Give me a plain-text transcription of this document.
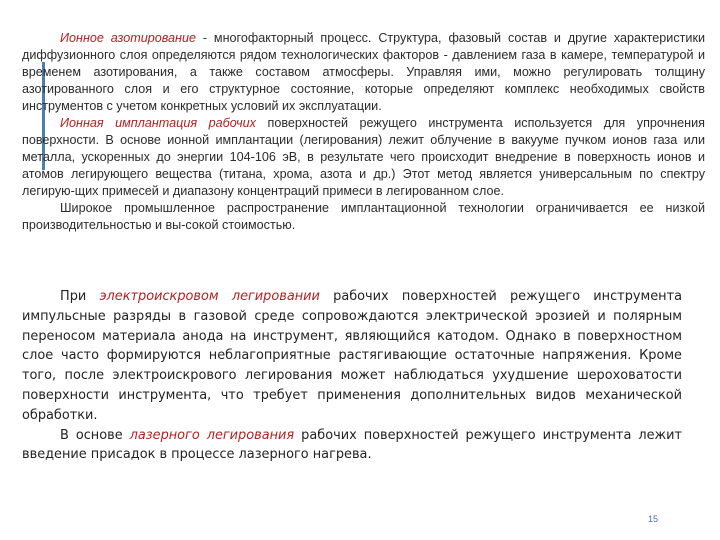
Ионное азотирование - многофакторный процесс. Структура, фазовый состав и другие характеристики диффузионного слоя определяются рядом технологических факторов - давлением газа в камере, температурой и временем азотирования, а также составом атмосферы. Управляя ими, можно регулировать толщину азотированного слоя и его структурное состояние, которые определяют комплекс необходимых свойств инструментов с учетом конкретных условий их эксплуатации.

Ионная имплантация рабочих поверхностей режущего инструмента используется для упрочнения поверхности. В основе ионной имплантации (легирования) лежит облучение в вакууме пучком ионов газа или металла, ускоренных до энергии 104-106 эВ, в результате чего происходит внедрение в поверхность ионов и атомов легирующего вещества (титана, хрома, азота и др.) Этот метод является универсальным по спектру легирую-щих примесей и диапазону концентраций примеси в легированном слое.

Широкое промышленное распространение имплантационной технологии ограничивается ее низкой производительностью и вы-сокой стоимостью.

При электроискровом легировании рабочих поверхностей режущего инструмента импульсные разряды в газовой среде сопровождаются электрической эрозией и полярным переносом материала анода на инструмент, являющийся катодом. Однако в поверхностном слое часто формируются неблагоприятные растягивающие остаточные напряжения. Кроме того, после электроискрового легирования может наблюдаться ухудшение шероховатости поверхности инструмента, что требует применения дополнительных видов механической обработки.

В основе лазерного легирования рабочих поверхностей режущего инструмента лежит введение присадок в процессе лазерного нагрева.

15
